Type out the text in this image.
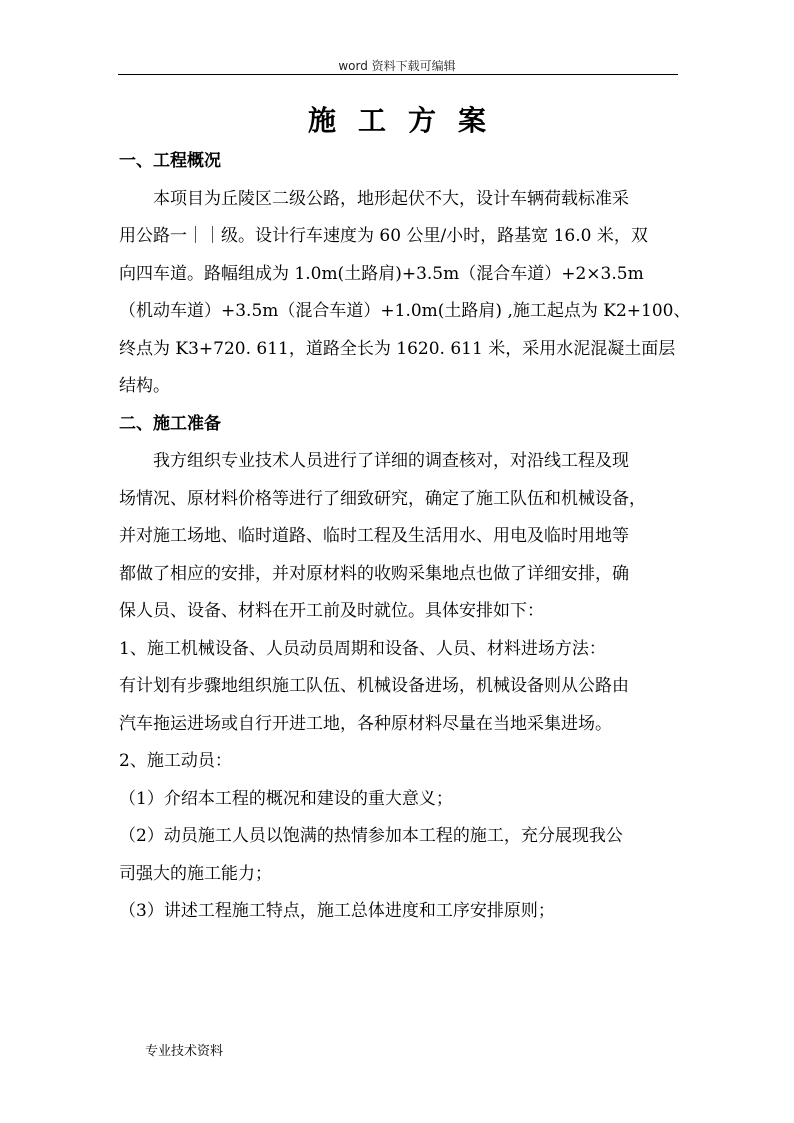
word 资料下载可编辑
施工方案
一、工程概况
本项目为丘陵区二级公路，地形起伏不大，设计车辆荷载标准采
用公路一｜｜级。设计行车速度为 60 公里/小时，路基宽 16.0 米，双
向四车道。路幅组成为 1.0m(土路肩)+3.5m（混合车道）+2×3.5m
（机动车道）+3.5m（混合车道）+1.0m(土路肩) ,施工起点为 K2+100、
终点为 K3+720. 611，道路全长为 1620. 611 米，采用水泥混凝土面层
结构。
二、施工准备
我方组织专业技术人员进行了详细的调查核对，对沿线工程及现
场情况、原材料价格等进行了细致研究，确定了施工队伍和机械设备，
并对施工场地、临时道路、临时工程及生活用水、用电及临时用地等
都做了相应的安排，并对原材料的收购采集地点也做了详细安排，确
保人员、设备、材料在开工前及时就位。具体安排如下：
1、施工机械设备、人员动员周期和设备、人员、材料进场方法：
有计划有步骤地组织施工队伍、机械设备进场，机械设备则从公路由
汽车拖运进场或自行开进工地，各种原材料尽量在当地采集进场。
2、施工动员：
（1）介绍本工程的概况和建设的重大意义；
（2）动员施工人员以饱满的热情参加本工程的施工，充分展现我公
司强大的施工能力；
（3）讲述工程施工特点，施工总体进度和工序安排原则；
专业技术资料
